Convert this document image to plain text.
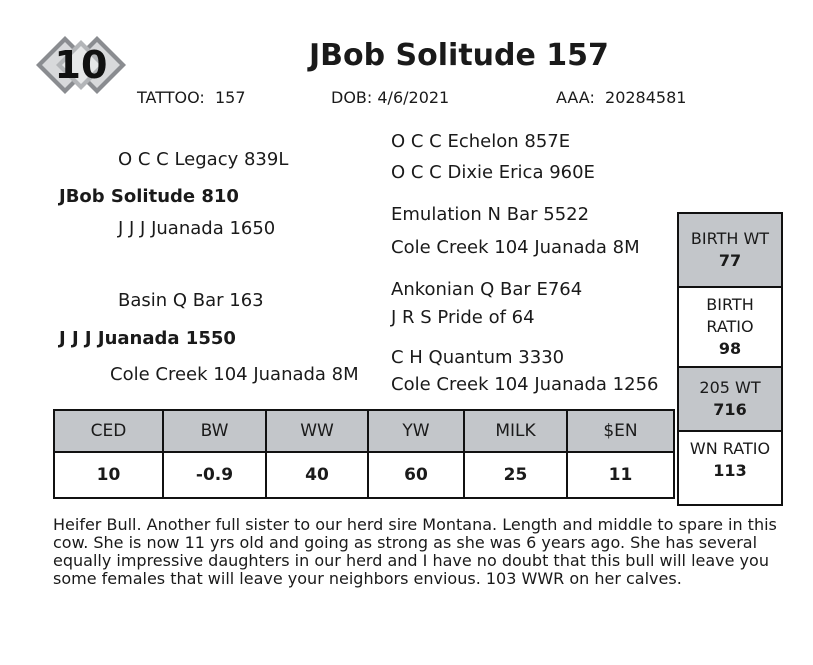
10	JBob Solitude 157
TATTOO: 157	DOB: 4/6/2021	AAA: 20284581
O C C Echelon 857E
O C C Legacy 839L
O C C Dixie Erica 960E
JBob Solitude 810
Emulation N Bar 5522
J J J Juanada 1650
Cole Creek 104 Juanada 8M
Ankonian Q Bar E764
Basin Q Bar 163
J R S Pride of 64
J J J Juanada 1550
C H Quantum 3330
Cole Creek 104 Juanada 8M Cole Creek 104 Juanada 1256
CED	BW	WW	YW	MILK	$EN
10	-0.9	40	60	25	11
BIRTH WT
77
BIRTH RATIO
98
205 WT
716
WN RATIO
113
Heifer Bull. Another full sister to our herd sire Montana. Length and middle to spare in this cow. She is now 11 yrs old and going as strong as she was 6 years ago. She has several equally impressive daughters in our herd and I have no doubt that this bull will leave you some females that will leave your neighbors envious. 103 WWR on her calves.
